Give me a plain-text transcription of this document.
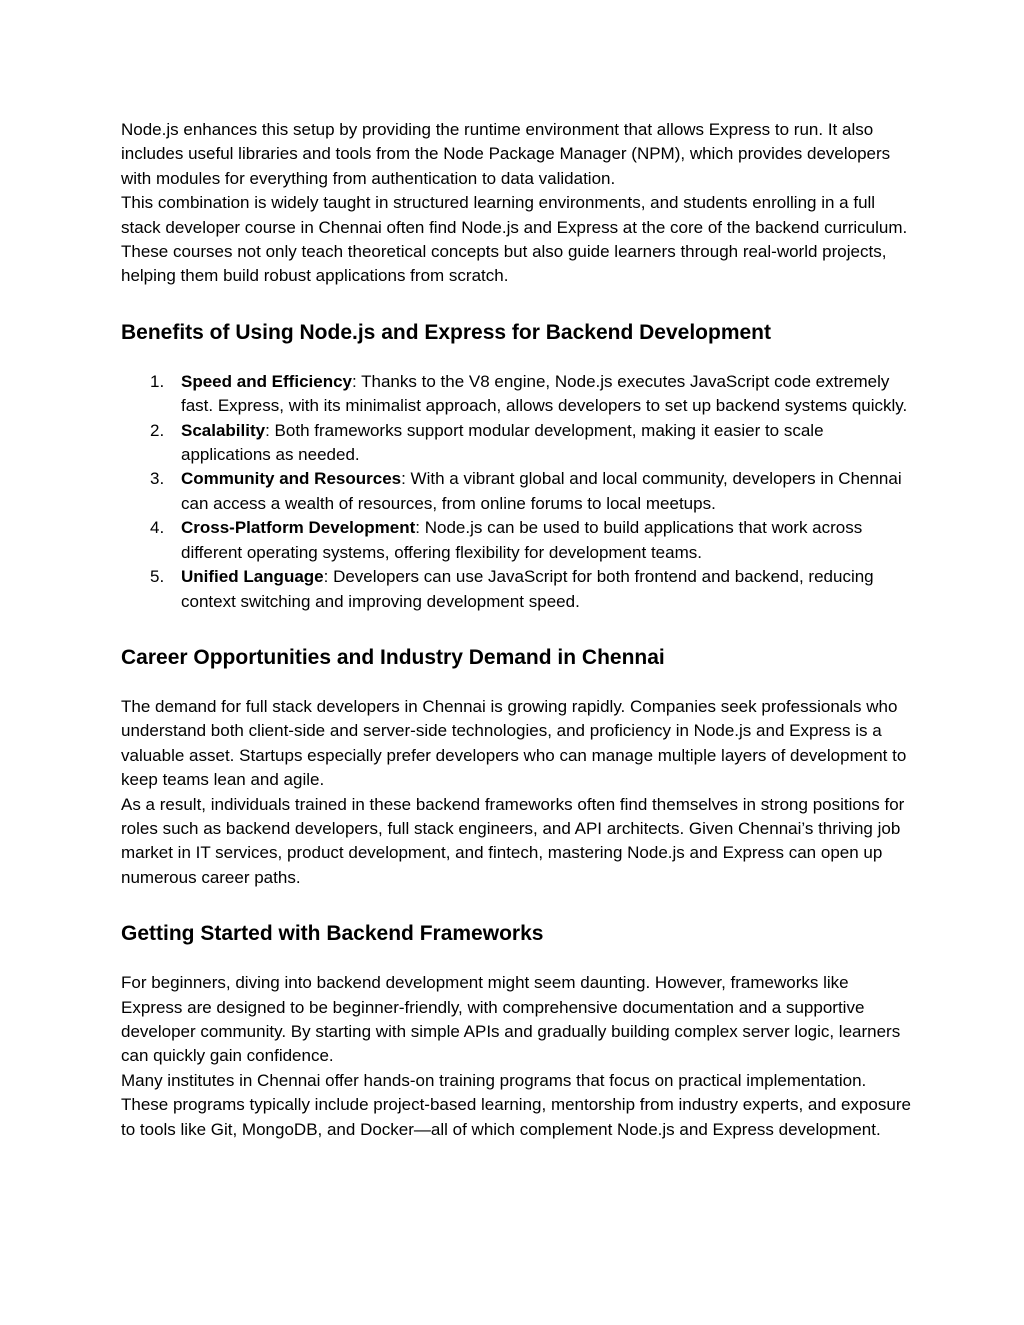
Node.js enhances this setup by providing the runtime environment that allows Express to run. It also includes useful libraries and tools from the Node Package Manager (NPM), which provides developers with modules for everything from authentication to data validation.

This combination is widely taught in structured learning environments, and students enrolling in a full stack developer course in Chennai often find Node.js and Express at the core of the backend curriculum. These courses not only teach theoretical concepts but also guide learners through real-world projects, helping them build robust applications from scratch.

Benefits of Using Node.js and Express for Backend Development
1. Speed and Efficiency: Thanks to the V8 engine, Node.js executes JavaScript code extremely fast. Express, with its minimalist approach, allows developers to set up backend systems quickly.
2. Scalability: Both frameworks support modular development, making it easier to scale applications as needed.
3. Community and Resources: With a vibrant global and local community, developers in Chennai can access a wealth of resources, from online forums to local meetups.
4. Cross-Platform Development: Node.js can be used to build applications that work across different operating systems, offering flexibility for development teams.
5. Unified Language: Developers can use JavaScript for both frontend and backend, reducing context switching and improving development speed.
Career Opportunities and Industry Demand in Chennai

The demand for full stack developers in Chennai is growing rapidly. Companies seek professionals who understand both client-side and server-side technologies, and proficiency in Node.js and Express is a valuable asset. Startups especially prefer developers who can manage multiple layers of development to keep teams lean and agile.

As a result, individuals trained in these backend frameworks often find themselves in strong positions for roles such as backend developers, full stack engineers, and API architects. Given Chennai’s thriving job market in IT services, product development, and fintech, mastering Node.js and Express can open up numerous career paths.

Getting Started with Backend Frameworks

For beginners, diving into backend development might seem daunting. However, frameworks like Express are designed to be beginner-friendly, with comprehensive documentation and a supportive developer community. By starting with simple APIs and gradually building complex server logic, learners can quickly gain confidence.

Many institutes in Chennai offer hands-on training programs that focus on practical implementation. These programs typically include project-based learning, mentorship from industry experts, and exposure to tools like Git, MongoDB, and Docker—all of which complement Node.js and Express development.
